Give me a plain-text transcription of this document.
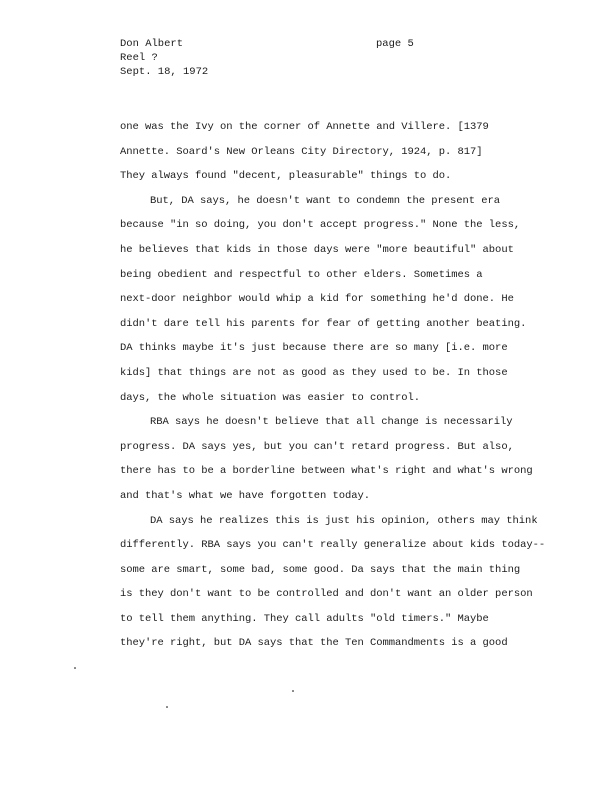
Don Albert
Reel ?
Sept. 18, 1972
page 5
one was the Ivy on the corner of Annette and Villere. [1379
Annette. Soard's New Orleans City Directory, 1924, p. 817]
They always found "decent, pleasurable" things to do.
But, DA says, he doesn't want to condemn the present era
because "in so doing, you don't accept progress." None the less,
he believes that kids in those days were "more beautiful" about
being obedient and respectful to other elders. Sometimes a
next-door neighbor would whip a kid for something he'd done. He
didn't dare tell his parents for fear of getting another beating.
DA thinks maybe it's just because there are so many [i.e. more
kids] that things are not as good as they used to be. In those
days, the whole situation was easier to control.
RBA says he doesn't believe that all change is necessarily
progress. DA says yes, but you can't retard progress. But also,
there has to be a borderline between what's right and what's wrong
and that's what we have forgotten today.
DA says he realizes this is just his opinion, others may think
differently. RBA says you can't really generalize about kids today--
some are smart, some bad, some good. Da says that the main thing
is they don't want to be controlled and don't want an older person
to tell them anything. They call adults "old timers." Maybe
they're right, but DA says that the Ten Commandments is a good
